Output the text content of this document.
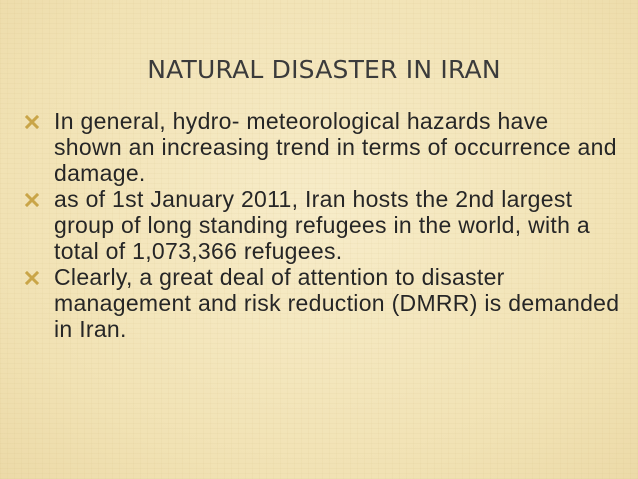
NATURAL DISASTER IN IRAN
In general, hydro- meteorological hazards have shown an increasing trend in terms of occurrence and damage.
as of 1st January 2011, Iran hosts the 2nd largest group of long standing refugees in the world, with a total of 1,073,366 refugees.
Clearly, a great deal of attention to disaster management and risk reduction (DMRR) is demanded in Iran.
